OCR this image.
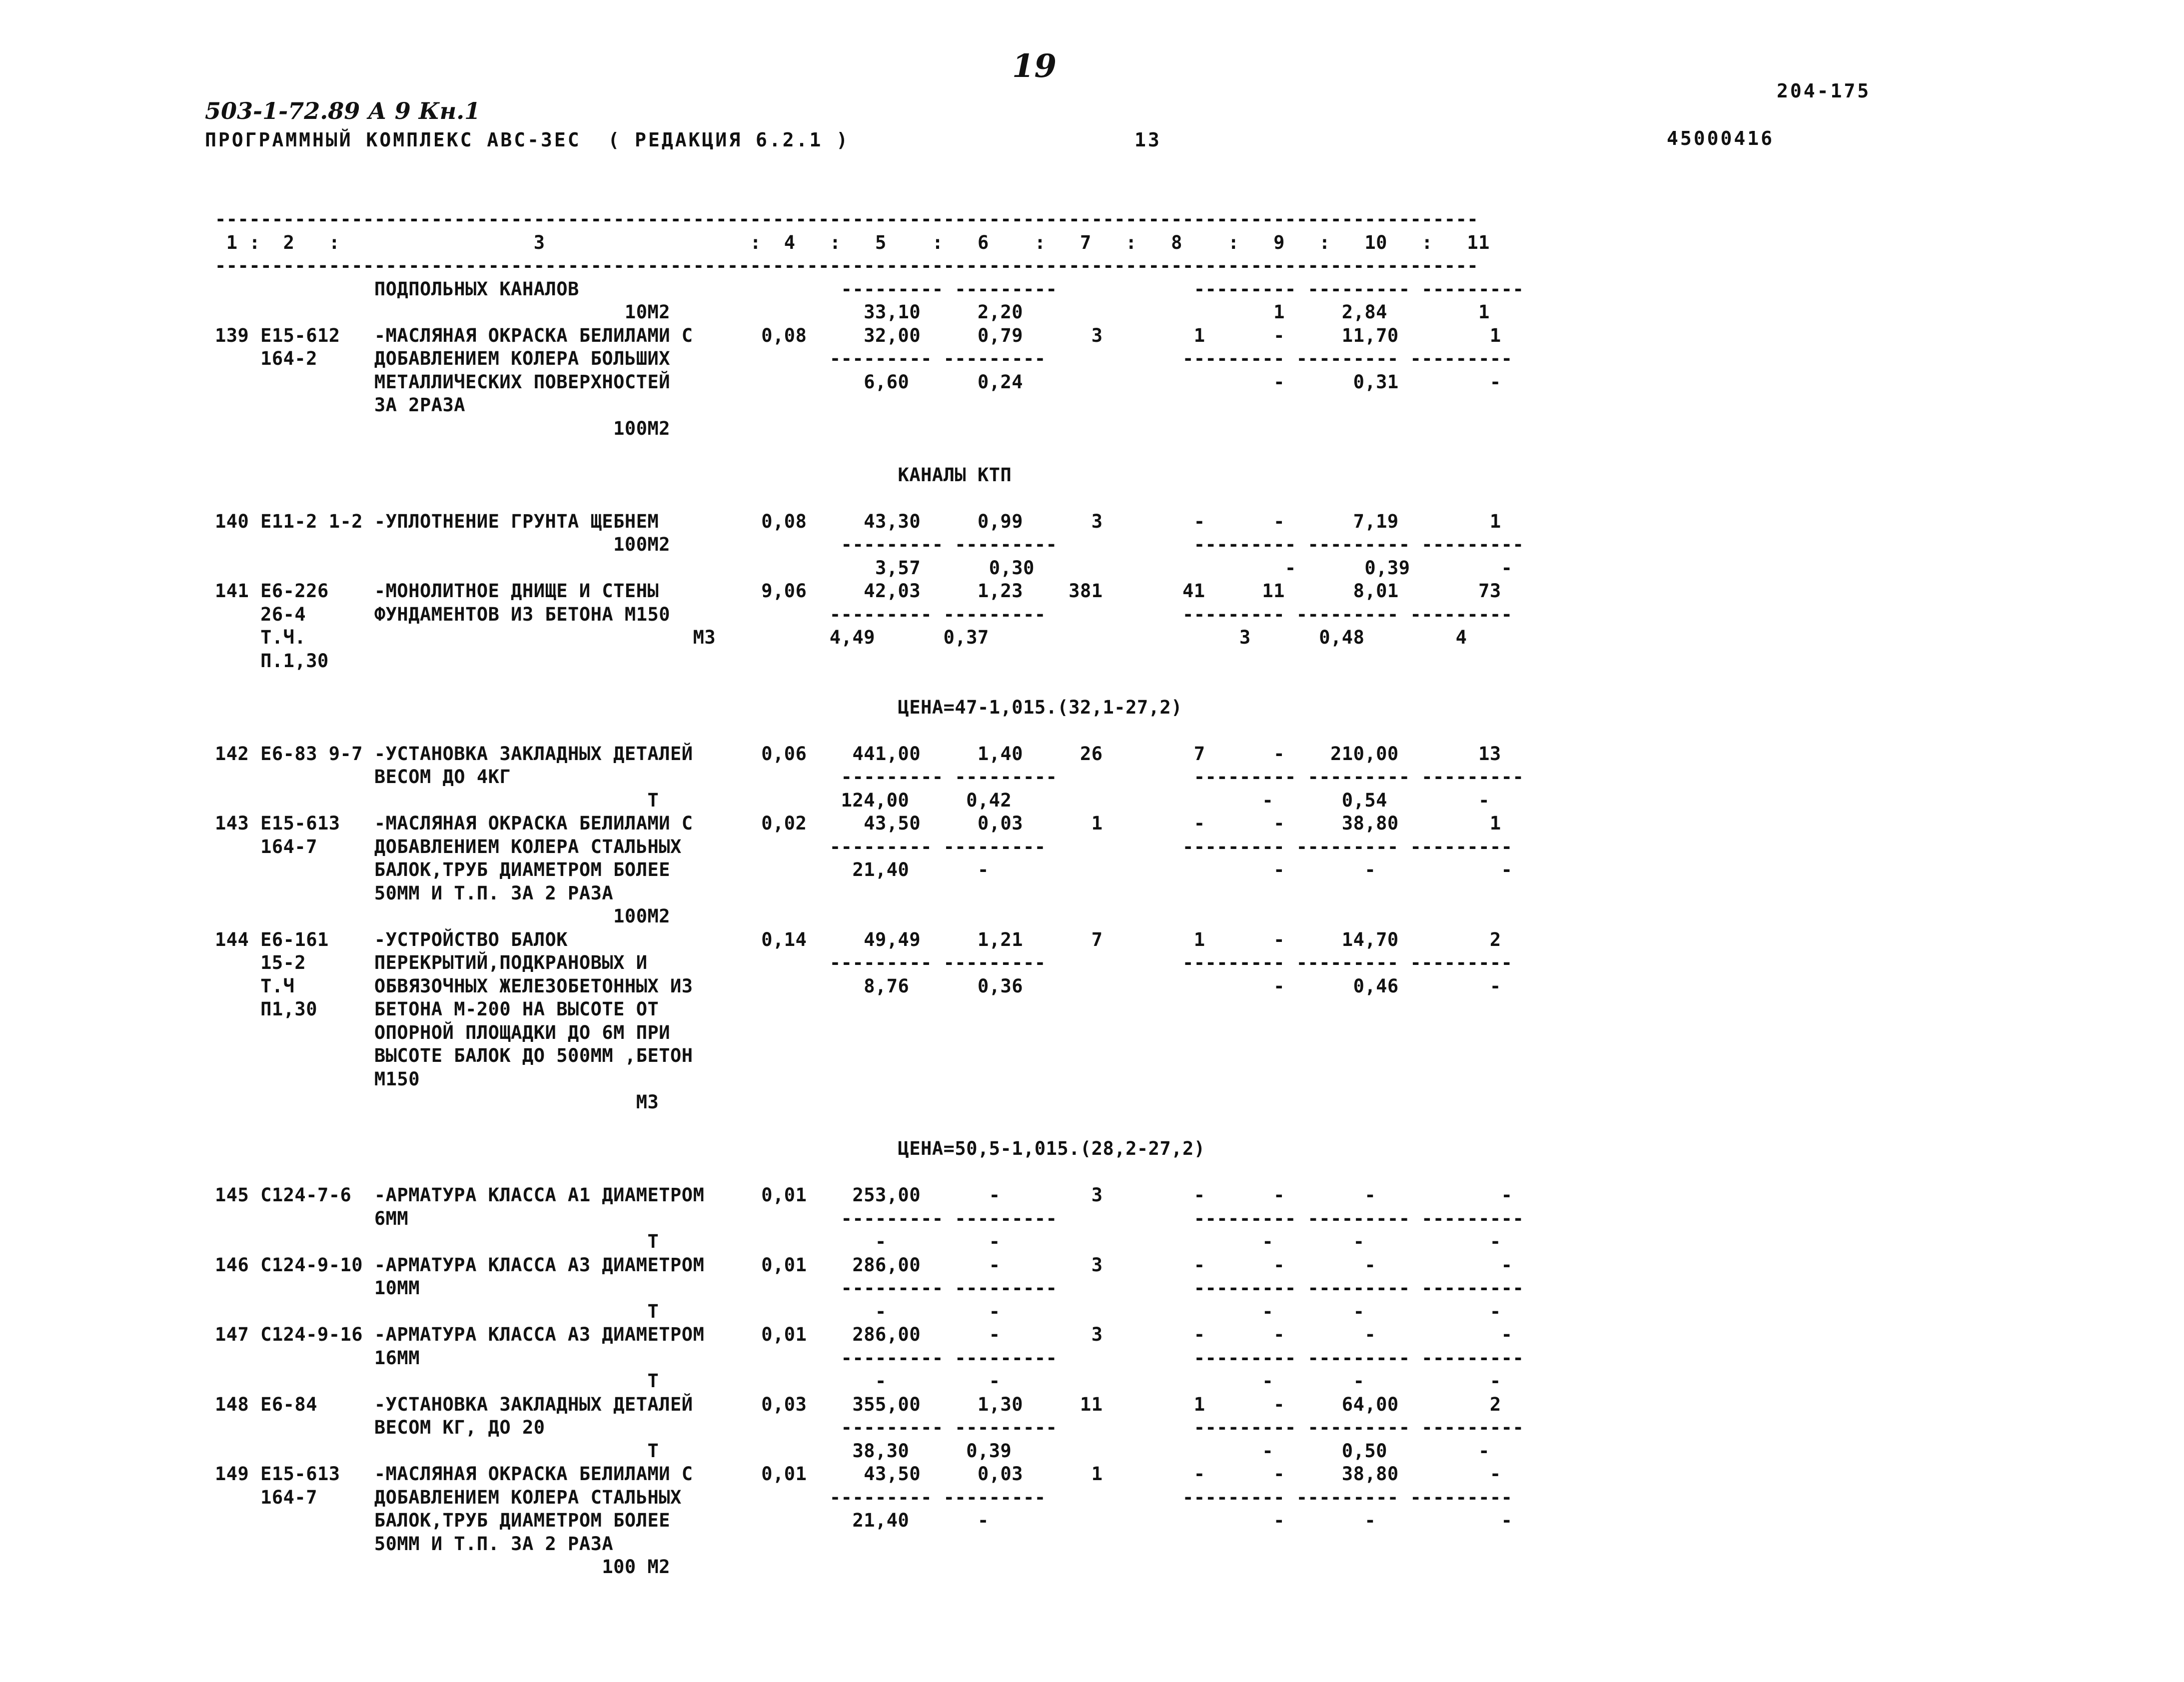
19
503-1-72.89 А 9 Кн.1
204-175
ПРОГРАММНЫЙ КОМПЛЕКС АВС-ЗЕС  ( РЕДАКЦИЯ 6.2.1 )	13	45000416
---------------------------------------------------------------------------------------------------------------
1 :  2   :                 3                  :  4   :   5    :   6    :   7   :   8    :   9   :   10   :   11
---------------------------------------------------------------------------------------------------------------
ПОДПОЛЬНЫХ КАНАЛОВ                       --------- ---------            --------- --------- ---------
10М2                 33,10     2,20                      1     2,84        1
139 Е15-612   -МАСЛЯНАЯ ОКРАСКА БЕЛИЛАМИ С      0,08     32,00     0,79      3        1      -     11,70        1
164-2     ДОБАВЛЕНИЕМ КОЛЕРА БОЛЬШИХ              --------- ---------            --------- --------- ---------
МЕТАЛЛИЧЕСКИХ ПОВЕРХНОСТЕЙ                 6,60      0,24                      -      0,31        -
ЗА 2РАЗА
100М2

КАНАЛЫ КТП

140 Е11-2 1-2 -УПЛОТНЕНИЕ ГРУНТА ЩЕБНЕМ         0,08     43,30     0,99      3        -      -      7,19        1
100М2               --------- ---------            --------- --------- ---------
3,57      0,30                      -      0,39        -
141 Е6-226    -МОНОЛИТНОЕ ДНИЩЕ И СТЕНЫ         9,06     42,03     1,23    381       41     11      8,01       73
26-4      ФУНДАМЕНТОВ ИЗ БЕТОНА М150              --------- ---------            --------- --------- ---------
Т.Ч.                                  М3          4,49      0,37                      3      0,48        4
П.1,30

ЦЕНА=47-1,015.(32,1-27,2)

142 Е6-83 9-7 -УСТАНОВКА ЗАКЛАДНЫХ ДЕТАЛЕЙ      0,06    441,00     1,40     26        7      -    210,00       13
ВЕСОМ ДО 4КГ                             --------- ---------            --------- --------- ---------
Т                124,00     0,42                      -      0,54        -
143 Е15-613   -МАСЛЯНАЯ ОКРАСКА БЕЛИЛАМИ С      0,02     43,50     0,03      1        -      -     38,80        1
164-7     ДОБАВЛЕНИЕМ КОЛЕРА СТАЛЬНЫХ             --------- ---------            --------- --------- ---------
БАЛОК,ТРУБ ДИАМЕТРОМ БОЛЕЕ                21,40      -                         -       -           -
50ММ И Т.П. ЗА 2 РАЗА
100М2
144 Е6-161    -УСТРОЙСТВО БАЛОК                 0,14     49,49     1,21      7        1      -     14,70        2
15-2      ПЕРЕКРЫТИЙ,ПОДКРАНОВЫХ И                --------- ---------            --------- --------- ---------
Т.Ч       ОБВЯЗОЧНЫХ ЖЕЛЕЗОБЕТОННЫХ ИЗ               8,76      0,36                      -      0,46        -
П1,30     БЕТОНА М-200 НА ВЫСОТЕ ОТ
ОПОРНОЙ ПЛОЩАДКИ ДО 6М ПРИ
ВЫСОТЕ БАЛОК ДО 500ММ ,БЕТОН
М150
М3

ЦЕНА=50,5-1,015.(28,2-27,2)

145 С124-7-6  -АРМАТУРА КЛАССА А1 ДИАМЕТРОМ     0,01    253,00      -        3        -      -       -           -
6ММ                                      --------- ---------            --------- --------- ---------
Т                   -         -                       -       -           -
146 С124-9-10 -АРМАТУРА КЛАССА А3 ДИАМЕТРОМ     0,01    286,00      -        3        -      -       -           -
10ММ                                     --------- ---------            --------- --------- ---------
Т                   -         -                       -       -           -
147 С124-9-16 -АРМАТУРА КЛАССА А3 ДИАМЕТРОМ     0,01    286,00      -        3        -      -       -           -
16ММ                                     --------- ---------            --------- --------- ---------
Т                   -         -                       -       -           -
148 Е6-84     -УСТАНОВКА ЗАКЛАДНЫХ ДЕТАЛЕЙ      0,03    355,00     1,30     11        1      -     64,00        2
ВЕСОМ КГ, ДО 20                          --------- ---------            --------- --------- ---------
Т                 38,30     0,39                      -      0,50        -
149 Е15-613   -МАСЛЯНАЯ ОКРАСКА БЕЛИЛАМИ С      0,01     43,50     0,03      1        -      -     38,80        -
164-7     ДОБАВЛЕНИЕМ КОЛЕРА СТАЛЬНЫХ             --------- ---------            --------- --------- ---------
БАЛОК,ТРУБ ДИАМЕТРОМ БОЛЕЕ                21,40      -                         -       -           -
50ММ И Т.П. ЗА 2 РАЗА
100 М2
